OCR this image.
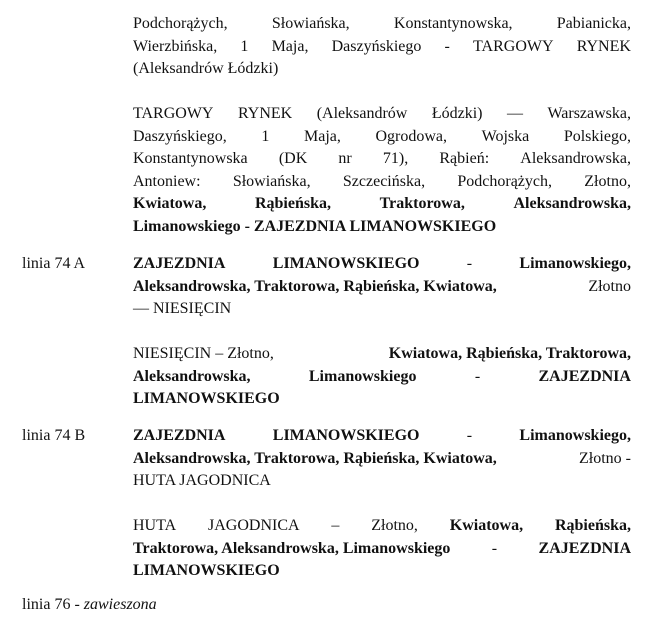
Podchorążych,	Słowiańska,	Konstantynowska,	Pabianicka,
Wierzbińska, 1 Maja, Daszyńskiego - TARGOWY RYNEK
(Aleksandrów Łódzki)
TARGOWY RYNEK (Aleksandrów Łódzki) — Warszawska,
Daszyńskiego, 1 Maja, Ogrodowa, Wojska Polskiego,
Konstantynowska (DK nr 71), Rąbień: Aleksandrowska,
Antoniew: Słowiańska, Szczecińska, Podchorążych, Złotno,
Kwiatowa,	Rąbieńska,	Traktorowa,	Aleksandrowska,
Limanowskiego - ZAJEZDNIA LIMANOWSKIEGO
linia 74 A	ZAJEZDNIA	LIMANOWSKIEGO	-	Limanowskiego,
Aleksandrowska, Traktorowa, Rąbieńska, Kwiatowa,	Złotno
— NIESIĘCIN
NIESIĘCIN – Złotno,	Kwiatowa, Rąbieńska, Traktorowa,
Aleksandrowska,	Limanowskiego	-	ZAJEZDNIA
LIMANOWSKIEGO
linia 74 B	ZAJEZDNIA	LIMANOWSKIEGO	-	Limanowskiego,
Aleksandrowska, Traktorowa, Rąbieńska, Kwiatowa,	Złotno -
HUTA JAGODNICA
HUTA JAGODNICA – Złotno, Kwiatowa, Rąbieńska,
Traktorowa, Aleksandrowska, Limanowskiego	-	ZAJEZDNIA
LIMANOWSKIEGO
linia 76 - zawieszona
